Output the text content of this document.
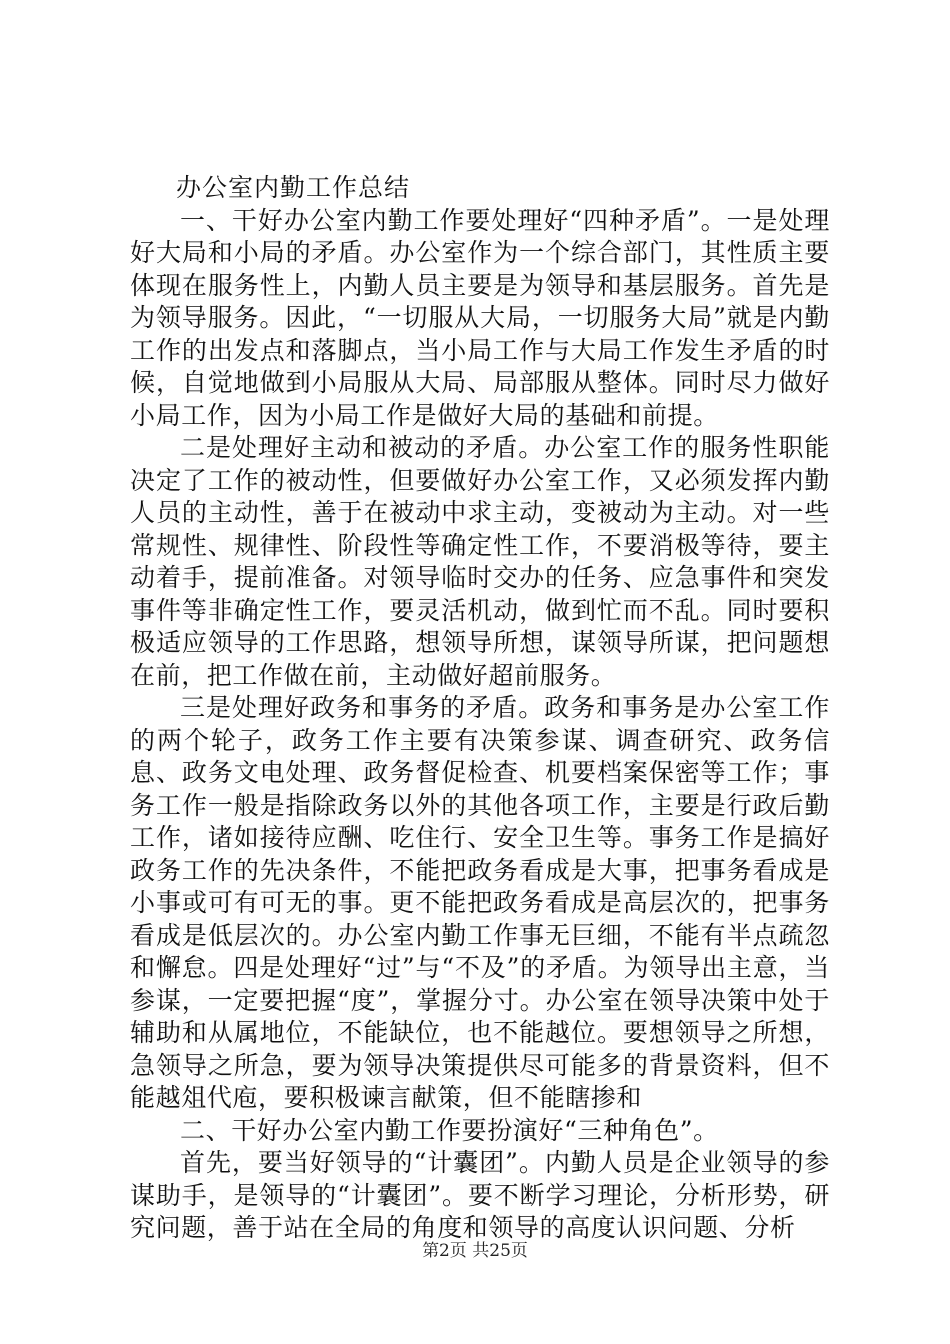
办公室内勤工作总结

一、干好办公室内勤工作要处理好“四种矛盾”。一是处理好大局和小局的矛盾。办公室作为一个综合部门，其性质主要体现在服务性上，内勤人员主要是为领导和基层服务。首先是为领导服务。因此，“一切服从大局，一切服务大局”就是内勤工作的出发点和落脚点，当小局工作与大局工作发生矛盾的时候，自觉地做到小局服从大局、局部服从整体。同时尽力做好小局工作，因为小局工作是做好大局的基础和前提。

二是处理好主动和被动的矛盾。办公室工作的服务性职能决定了工作的被动性，但要做好办公室工作，又必须发挥内勤人员的主动性，善于在被动中求主动，变被动为主动。对一些常规性、规律性、阶段性等确定性工作，不要消极等待，要主动着手，提前准备。对领导临时交办的任务、应急事件和突发事件等非确定性工作，要灵活机动，做到忙而不乱。同时要积极适应领导的工作思路，想领导所想，谋领导所谋，把问题想在前，把工作做在前，主动做好超前服务。

三是处理好政务和事务的矛盾。政务和事务是办公室工作的两个轮子，政务工作主要有决策参谋、调查研究、政务信息、政务文电处理、政务督促检查、机要档案保密等工作；事务工作一般是指除政务以外的其他各项工作，主要是行政后勤工作，诸如接待应酬、吃住行、安全卫生等。事务工作是搞好政务工作的先决条件，不能把政务看成是大事，把事务看成是小事或可有可无的事。更不能把政务看成是高层次的，把事务看成是低层次的。办公室内勤工作事无巨细，不能有半点疏忽和懈怠。四是处理好“过”与“不及”的矛盾。为领导出主意，当参谋，一定要把握“度”，掌握分寸。办公室在领导决策中处于辅助和从属地位，不能缺位，也不能越位。要想领导之所想，急领导之所急，要为领导决策提供尽可能多的背景资料，但不能越俎代庖，要积极谏言献策，但不能瞎掺和

二、干好办公室内勤工作要扮演好“三种角色”。

首先，要当好领导的“计囊团”。内勤人员是企业领导的参谋助手，是领导的“计囊团”。要不断学习理论，分析形势，研究问题，善于站在全局的角度和领导的高度认识问题、分析

第2页 共25页
